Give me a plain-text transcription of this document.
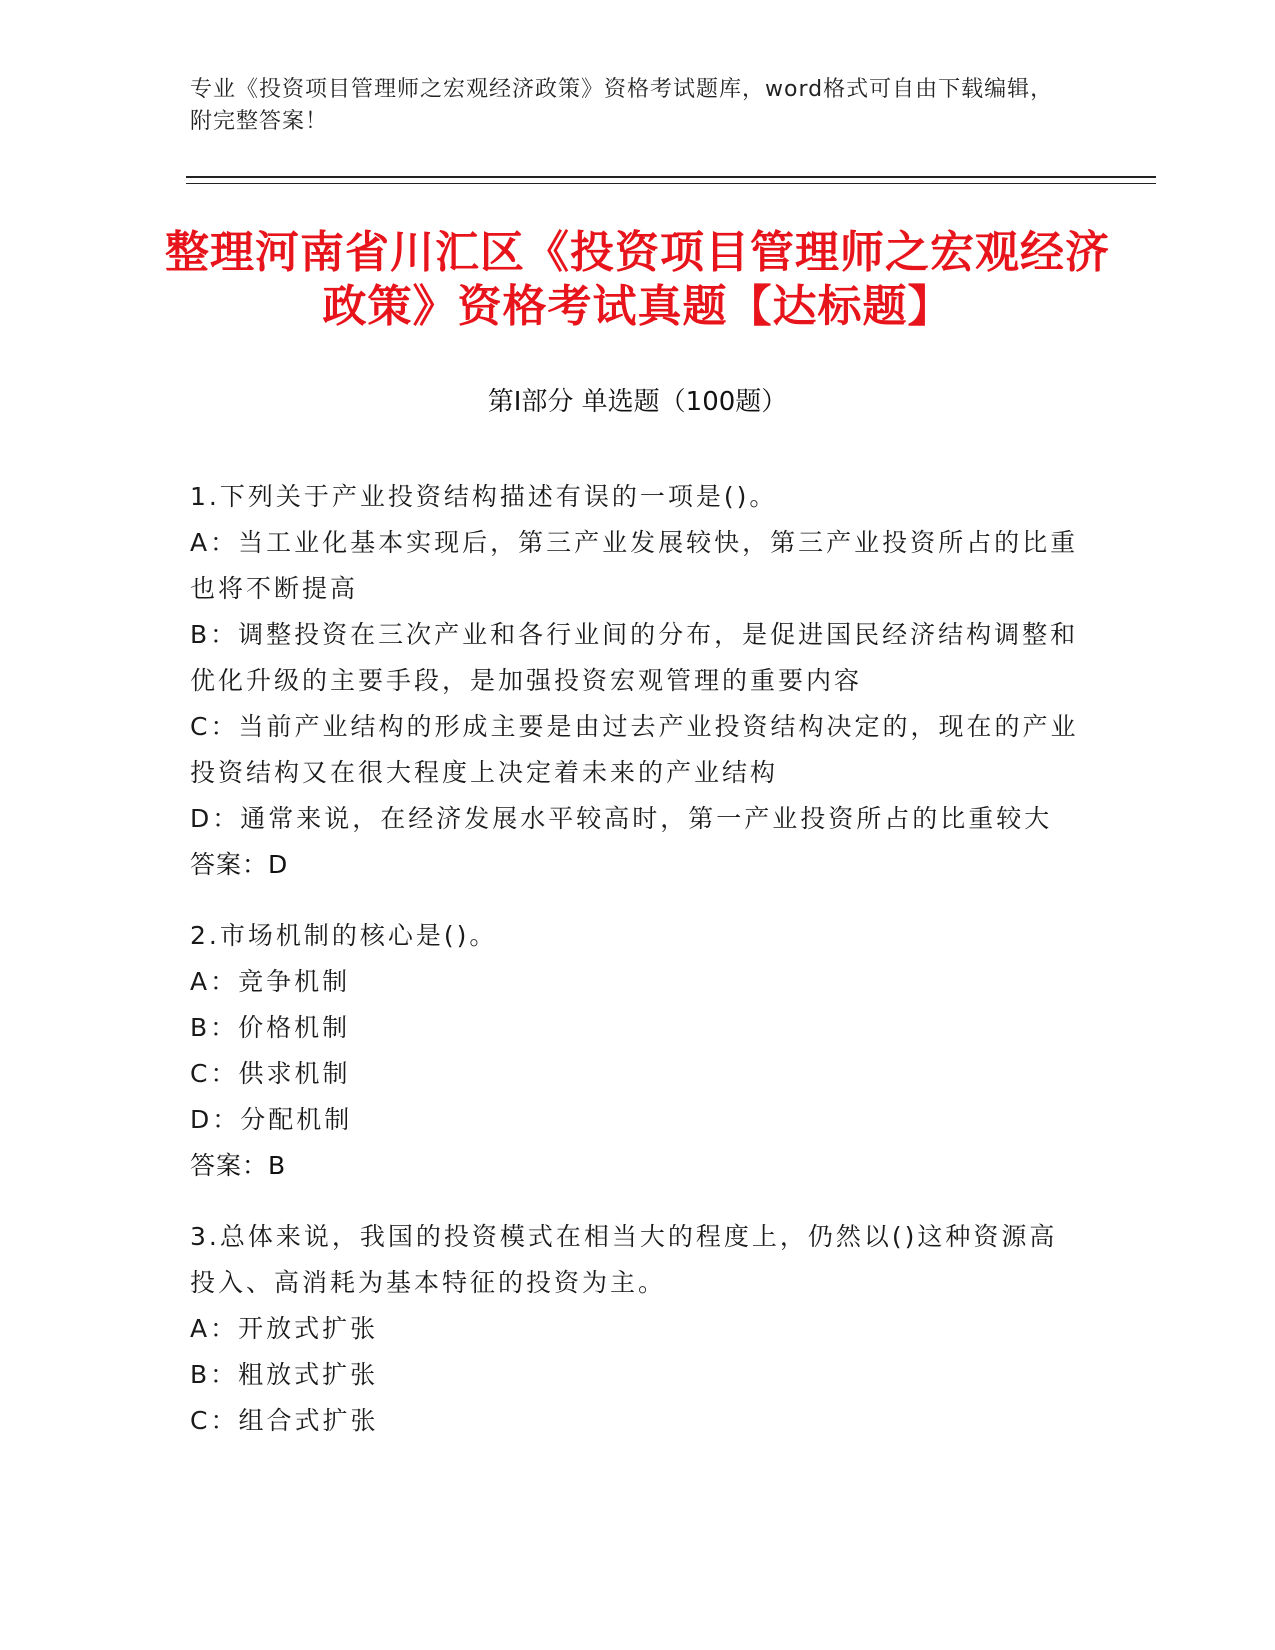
专业《投资项目管理师之宏观经济政策》资格考试题库，word格式可自由下载编辑，附完整答案！
整理河南省川汇区《投资项目管理师之宏观经济政策》资格考试真题【达标题】
第Ⅰ部分 单选题（100题）
1.下列关于产业投资结构描述有误的一项是()。
A：当工业化基本实现后，第三产业发展较快，第三产业投资所占的比重也将不断提高
B：调整投资在三次产业和各行业间的分布，是促进国民经济结构调整和优化升级的主要手段，是加强投资宏观管理的重要内容
C：当前产业结构的形成主要是由过去产业投资结构决定的，现在的产业投资结构又在很大程度上决定着未来的产业结构
D：通常来说，在经济发展水平较高时，第一产业投资所占的比重较大
答案：D
2.市场机制的核心是()。
A：竞争机制
B：价格机制
C：供求机制
D：分配机制
答案：B
3.总体来说，我国的投资模式在相当大的程度上，仍然以()这种资源高投入、高消耗为基本特征的投资为主。
A：开放式扩张
B：粗放式扩张
C：组合式扩张
